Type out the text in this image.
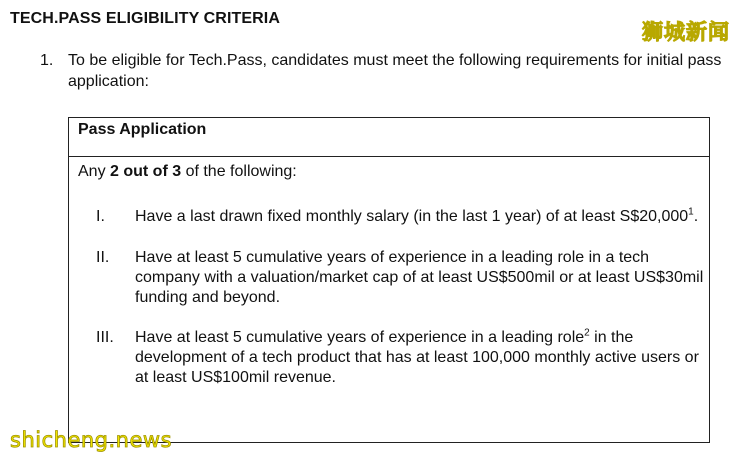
TECH.PASS ELIGIBILITY CRITERIA
狮城新闻
1. To be eligible for Tech.Pass, candidates must meet the following requirements for initial pass application:
Pass Application
Any 2 out of 3 of the following:
I. Have a last drawn fixed monthly salary (in the last 1 year) of at least S$20,000$^1$.
II. Have at least 5 cumulative years of experience in a leading role in a tech company with a valuation/market cap of at least US$500mil or at least US$30mil funding and beyond.
III. Have at least 5 cumulative years of experience in a leading role$^2$ in the development of a tech product that has at least 100,000 monthly active users or at least US$100mil revenue.
shicheng.news
